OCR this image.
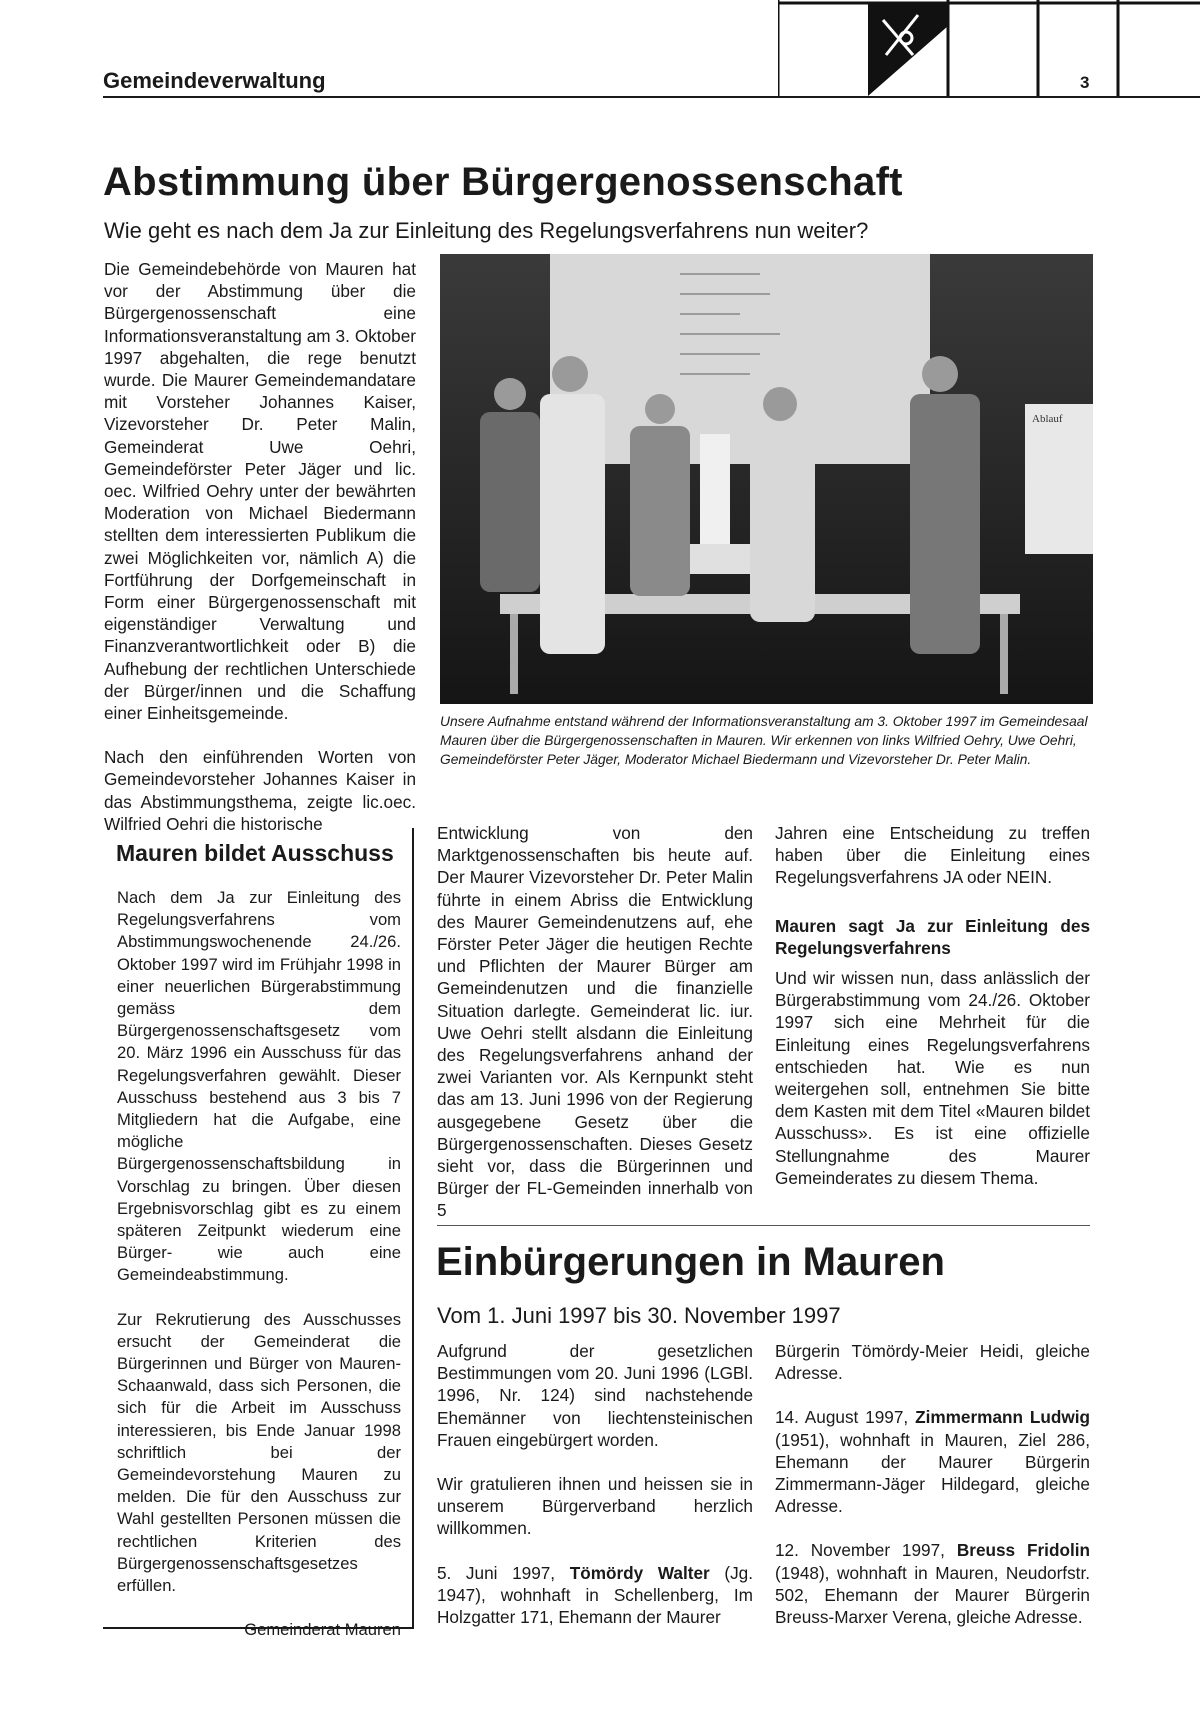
Gemeindeverwaltung	3
Abstimmung über Bürgergenossenschaft
Wie geht es nach dem Ja zur Einleitung des Regelungsverfahrens nun weiter?

Die Gemeindebehörde von Mauren hat vor der Abstimmung über die Bürgergenossenschaft eine Informationsveranstaltung am 3. Oktober 1997 abgehalten, die rege benutzt wurde. Die Maurer Gemeindemandatare mit Vorsteher Johannes Kaiser, Vizevorsteher Dr. Peter Malin, Gemeinderat Uwe Oehri, Gemeindeförster Peter Jäger und lic. oec. Wilfried Oehry unter der bewährten Moderation von Michael Biedermann stellten dem interessierten Publikum die zwei Möglichkeiten vor, nämlich A) die Fortführung der Dorfgemeinschaft in Form einer Bürgergenossenschaft mit eigenständiger Verwaltung und Finanzverantwortlichkeit oder B) die Aufhebung der rechtlichen Unterschiede der Bürger/innen und die Schaffung einer Einheitsgemeinde.

Nach den einführenden Worten von Gemeindevorsteher Johannes Kaiser in das Abstimmungsthema, zeigte lic.oec. Wilfried Oehri die historische

Ablauf
Unsere Aufnahme entstand während der Informationsveranstaltung am 3. Oktober 1997 im Gemeindesaal Mauren über die Bürgergenossenschaften in Mauren. Wir erkennen von links Wilfried Oehry, Uwe Oehri, Gemeindeförster Peter Jäger, Moderator Michael Biedermann und Vizevorsteher Dr. Peter Malin.
Mauren bildet Ausschuss

Nach dem Ja zur Einleitung des Regelungsverfahrens vom Abstimmungswochenende 24./26. Oktober 1997 wird im Frühjahr 1998 in einer neuerlichen Bürgerabstimmung gemäss dem Bürgergenossenschaftsgesetz vom 20. März 1996 ein Ausschuss für das Regelungsverfahren gewählt. Dieser Ausschuss bestehend aus 3 bis 7 Mitgliedern hat die Aufgabe, eine mögliche Bürgergenossenschaftsbildung in Vorschlag zu bringen. Über diesen Ergebnisvorschlag gibt es zu einem späteren Zeitpunkt wiederum eine Bürger- wie auch eine Gemeindeabstimmung.

Zur Rekrutierung des Ausschusses ersucht der Gemeinderat die Bürgerinnen und Bürger von Mauren-Schaanwald, dass sich Personen, die sich für die Arbeit im Ausschuss interessieren, bis Ende Januar 1998 schriftlich bei der Gemeindevorstehung Mauren zu melden. Die für den Ausschuss zur Wahl gestellten Personen müssen die rechtlichen Kriterien des Bürgergenossenschaftsgesetzes erfüllen.

Gemeinderat Mauren

Entwicklung von den Marktgenossenschaften bis heute auf. Der Maurer Vizevorsteher Dr. Peter Malin führte in einem Abriss die Entwicklung des Maurer Gemeindenutzens auf, ehe Förster Peter Jäger die heutigen Rechte und Pflichten der Maurer Bürger am Gemeindenutzen und die finanzielle Situation darlegte. Gemeinderat lic. iur. Uwe Oehri stellt alsdann die Einleitung des Regelungsverfahrens anhand der zwei Varianten vor. Als Kernpunkt steht das am 13. Juni 1996 von der Regierung ausgegebene Gesetz über die Bürgergenossenschaften. Dieses Gesetz sieht vor, dass die Bürgerinnen und Bürger der FL-Gemeinden innerhalb von 5

Jahren eine Entscheidung zu treffen haben über die Einleitung eines Regelungsverfahrens JA oder NEIN.

Mauren sagt Ja zur Einleitung des Regelungsverfahrens

Und wir wissen nun, dass anlässlich der Bürgerabstimmung vom 24./26. Oktober 1997 sich eine Mehrheit für die Einleitung eines Regelungsverfahrens entschieden hat. Wie es nun weitergehen soll, entnehmen Sie bitte dem Kasten mit dem Titel «Mauren bildet Ausschuss». Es ist eine offizielle Stellungnahme des Maurer Gemeinderates zu diesem Thema.

Einbürgerungen in Mauren
Vom 1. Juni 1997 bis 30. November 1997

Aufgrund der gesetzlichen Bestimmungen vom 20. Juni 1996 (LGBl. 1996, Nr. 124) sind nachstehende Ehemänner von liechtensteinischen Frauen eingebürgert worden.

Wir gratulieren ihnen und heissen sie in unserem Bürgerverband herzlich willkommen.

5. Juni 1997, Tömördy Walter (Jg. 1947), wohnhaft in Schellenberg, Im Holzgatter 171, Ehemann der Maurer

Bürgerin Tömördy-Meier Heidi, gleiche Adresse.

14. August 1997, Zimmermann Ludwig (1951), wohnhaft in Mauren, Ziel 286, Ehemann der Maurer Bürgerin Zimmermann-Jäger Hildegard, gleiche Adresse.

12. November 1997, Breuss Fridolin (1948), wohnhaft in Mauren, Neudorfstr. 502, Ehemann der Maurer Bürgerin Breuss-Marxer Verena, gleiche Adresse.
